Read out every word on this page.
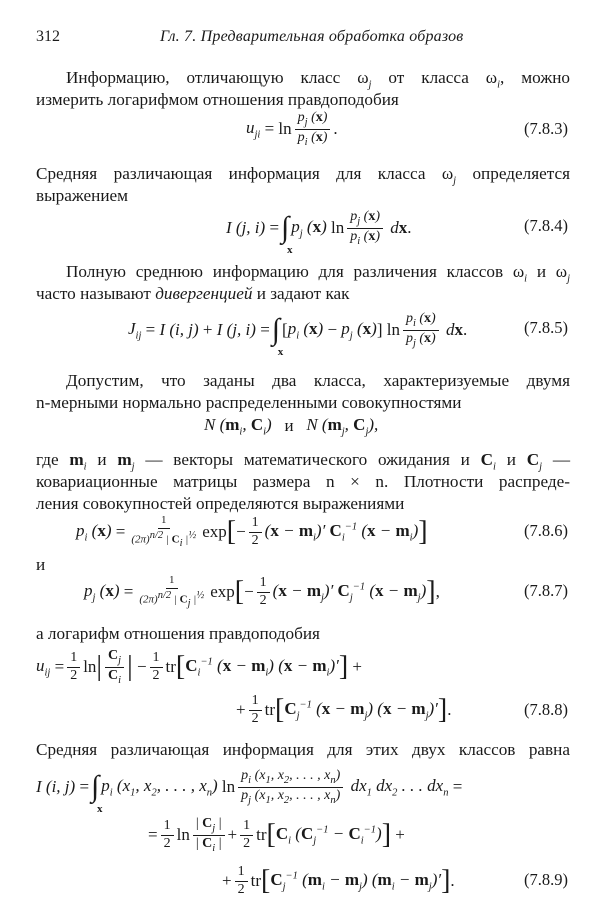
312	Гл. 7. Предварительная обработка образов
Информацию, отличающую класс $\omega_j$ от класса $\omega_i$, можно
измерить логарифмом отношения правдоподобия
$u_{ji} = \ln \frac{p_j (x)}{p_i (x)}$ .	(7.8.3)
Средняя различающая информация для класса $\omega_j$ определяется
выражением
I (j, i) = ∫
x
$p_j$ (x) $\ln \frac{p_j (x)}{p_i (x)}$ dx .	(7.8.4)
Полную среднюю информацию для различения классов $\omega_i$ и $\omega_j$
часто называют дивергенцией и задают как
$J_{ij} = I$ (i, j) + I (j, i) = ∫
x
[ $p_i$ $(x) - p_j$ (x) ] $\ln \frac{p_i (x)}{p_j (x)}$ dx .	(7.8.5)
Допустим, что заданы два класса, характеризуемые двумя
n-мерными нормально распределенными совокупностями
N ($m_i$, $C_i$) и N ($m_j$, $C_j$),
где $m_i$ и $m_j$ — векторы математического ожидания и $C_i$ и $C_j$ —
ковариационные матрицы размера n × n. Плотности распреде-
ления совокупностей определяются выражениями
$p_i$ $(x) = \frac{1}{(2\pi)^{n/2} | C_i |^{\frac{1}{2}}}$ exp [ − $\frac{1}{2} (x - m_i)'$ $C_i^{-1}$ $(x - m_i)$ ]	(7.8.6)
и
$p_j$ $(x) = \frac{1}{(2\pi)^{n/2} | C_j |^{\frac{1}{2}}}$ exp [ − $\frac{1}{2} (x - m_j)'$ $C_j^{-1}$ $(x - m_j)$ ] ,	(7.8.7)
а логарифм отношения правдоподобия
$u_{ij} = \frac{1}{2}$ ln | $\frac{C_j}{C_i}$ | − $\frac{1}{2}$ tr [ $C_i^{-1}$ $(x - m_i)$ $(x - m_i)'$ ] +
+ $\frac{1}{2}$ tr [ $C_j^{-1}$ $(x - m_j)$ $(x - m_j)'$ ] .	(7.8.8)
Средняя различающая информация для этих двух классов равна
I (i, j) = ∫
x
$p_i$ ($x_1$, $x_2$, . . . , $x_n$) $\ln \frac{p_i (x_1, x_2, . . . , x_n)}{p_j (x_1, x_2, . . . , x_n)} dx_1$ $dx_2$ . . . $dx_n$ =
= $\frac{1}{2}$ $\ln \frac{| C_j |}{| C_i |} + \frac{1}{2}$ tr [ $C_i$ $(C_j^{-1} - C_i^{-1})$ ] +
+ $\frac{1}{2}$ tr [ $C_j^{-1}$ $(m_i - m_j) (m_i - m_j)'$ ] .	(7.8.9)
